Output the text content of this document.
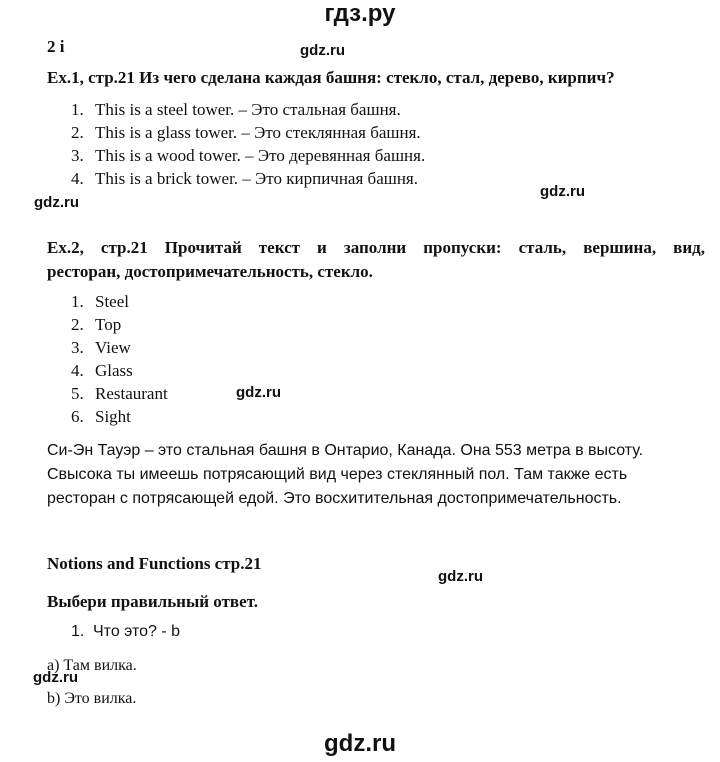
гдз.ру
2 i	gdz.ru
Ex.1, стр.21 Из чего сделана каждая башня: стекло, стал, дерево, кирпич?
1. This is a steel tower. – Это стальная башня.
2. This is a glass tower. – Это стеклянная башня.
3. This is a wood tower. – Это деревянная башня.
4. This is a brick tower. – Это кирпичная башня.
gdz.ru
gdz.ru
Ex.2, стр.21 Прочитай текст и заполни пропуски: сталь, вершина, вид,
ресторан, достопримечательность, стекло.
1. Steel
2. Top
3. View
4. Glass
5. Restaurant
6. Sight
gdz.ru
Си-Эн Тауэр – это стальная башня в Онтарио, Канада. Она 553 метра в высоту.
Свысока ты имеешь потрясающий вид через стеклянный пол. Там также есть
ресторан с потрясающей едой. Это восхитительная достопримечательность.
Notions and Functions стр.21
gdz.ru
Выбери правильный ответ.
1. Что это? - b
a) Там вилка.
gdz.ru
b) Это вилка.
gdz.ru
